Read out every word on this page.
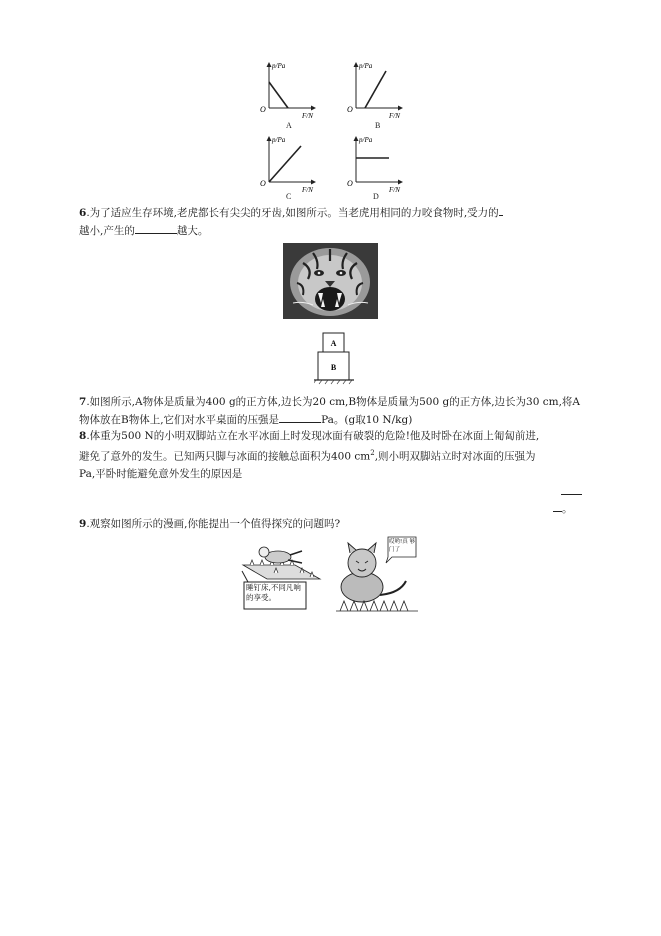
p/Pa
F/N
O
A
p/Pa
F/N
O
B
p/Pa
F/N
O
C
p/Pa
F/N
O
D
6.为了适应生存环境,老虎都长有尖尖的牙齿,如图所示。当老虎用相同的力咬食物时,受力的
越小,产生的	越大。
A
B
7.如图所示,A物体是质量为400 g的正方体,边长为20 cm,B物体是质量为500 g的正方体,边长为30 cm,将A物体放在B物体上,它们对水平桌面的压强是	Pa。(g取10 N/kg)
8.体重为500 N的小明双脚站立在水平冰面上时发现冰面有破裂的危险!他及时卧在冰面上匍匐前进,
避免了意外的发生。已知两只脚与冰面的接触总面积为400 $cm^2$,则小明双脚站立时对冰面的压强为
Pa,平卧时能避免意外发生的原因是
。
9.观察如图所示的漫画,你能提出一个值得探究的问题吗?
睡钉床,不同凡响的享受。
哎哟!真 够门了
